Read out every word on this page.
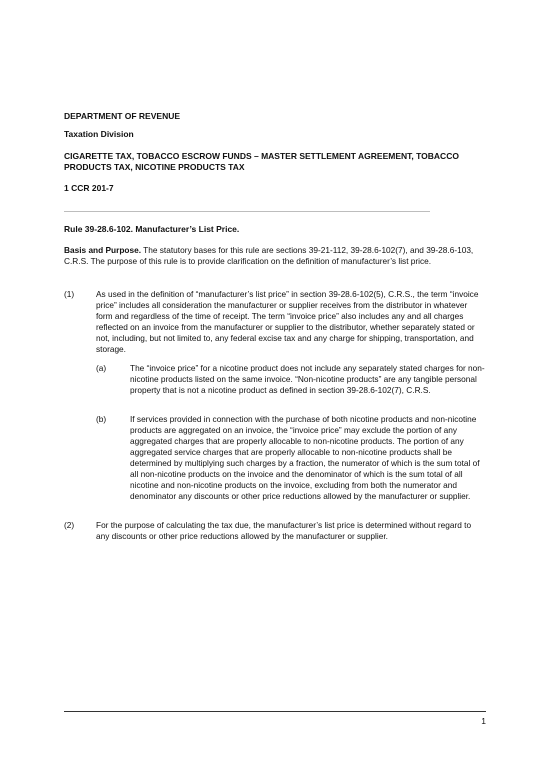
DEPARTMENT OF REVENUE
Taxation Division
CIGARETTE TAX, TOBACCO ESCROW FUNDS – MASTER SETTLEMENT AGREEMENT, TOBACCO PRODUCTS TAX, NICOTINE PRODUCTS TAX
1 CCR 201-7
Rule 39-28.6-102. Manufacturer’s List Price.
Basis and Purpose. The statutory bases for this rule are sections 39-21-112, 39-28.6-102(7), and 39-28.6-103, C.R.S. The purpose of this rule is to provide clarification on the definition of manufacturer’s list price.
(1)	As used in the definition of “manufacturer’s list price” in section 39-28.6-102(5), C.R.S., the term “invoice price” includes all consideration the manufacturer or supplier receives from the distributor in whatever form and regardless of the time of receipt. The term “invoice price” also includes any and all charges reflected on an invoice from the manufacturer or supplier to the distributor, whether separately stated or not, including, but not limited to, any federal excise tax and any charge for shipping, transportation, and storage.
(a)	The “invoice price” for a nicotine product does not include any separately stated charges for non-nicotine products listed on the same invoice. “Non-nicotine products” are any tangible personal property that is not a nicotine product as defined in section 39-28.6-102(7), C.R.S.
(b)	If services provided in connection with the purchase of both nicotine products and non-nicotine products are aggregated on an invoice, the “invoice price” may exclude the portion of any aggregated charges that are properly allocable to non-nicotine products. The portion of any aggregated service charges that are properly allocable to non-nicotine products shall be determined by multiplying such charges by a fraction, the numerator of which is the sum total of all non-nicotine products on the invoice and the denominator of which is the sum total of all nicotine and non-nicotine products on the invoice, excluding from both the numerator and denominator any discounts or other price reductions allowed by the manufacturer or supplier.
(2)	For the purpose of calculating the tax due, the manufacturer’s list price is determined without regard to any discounts or other price reductions allowed by the manufacturer or supplier.
1
